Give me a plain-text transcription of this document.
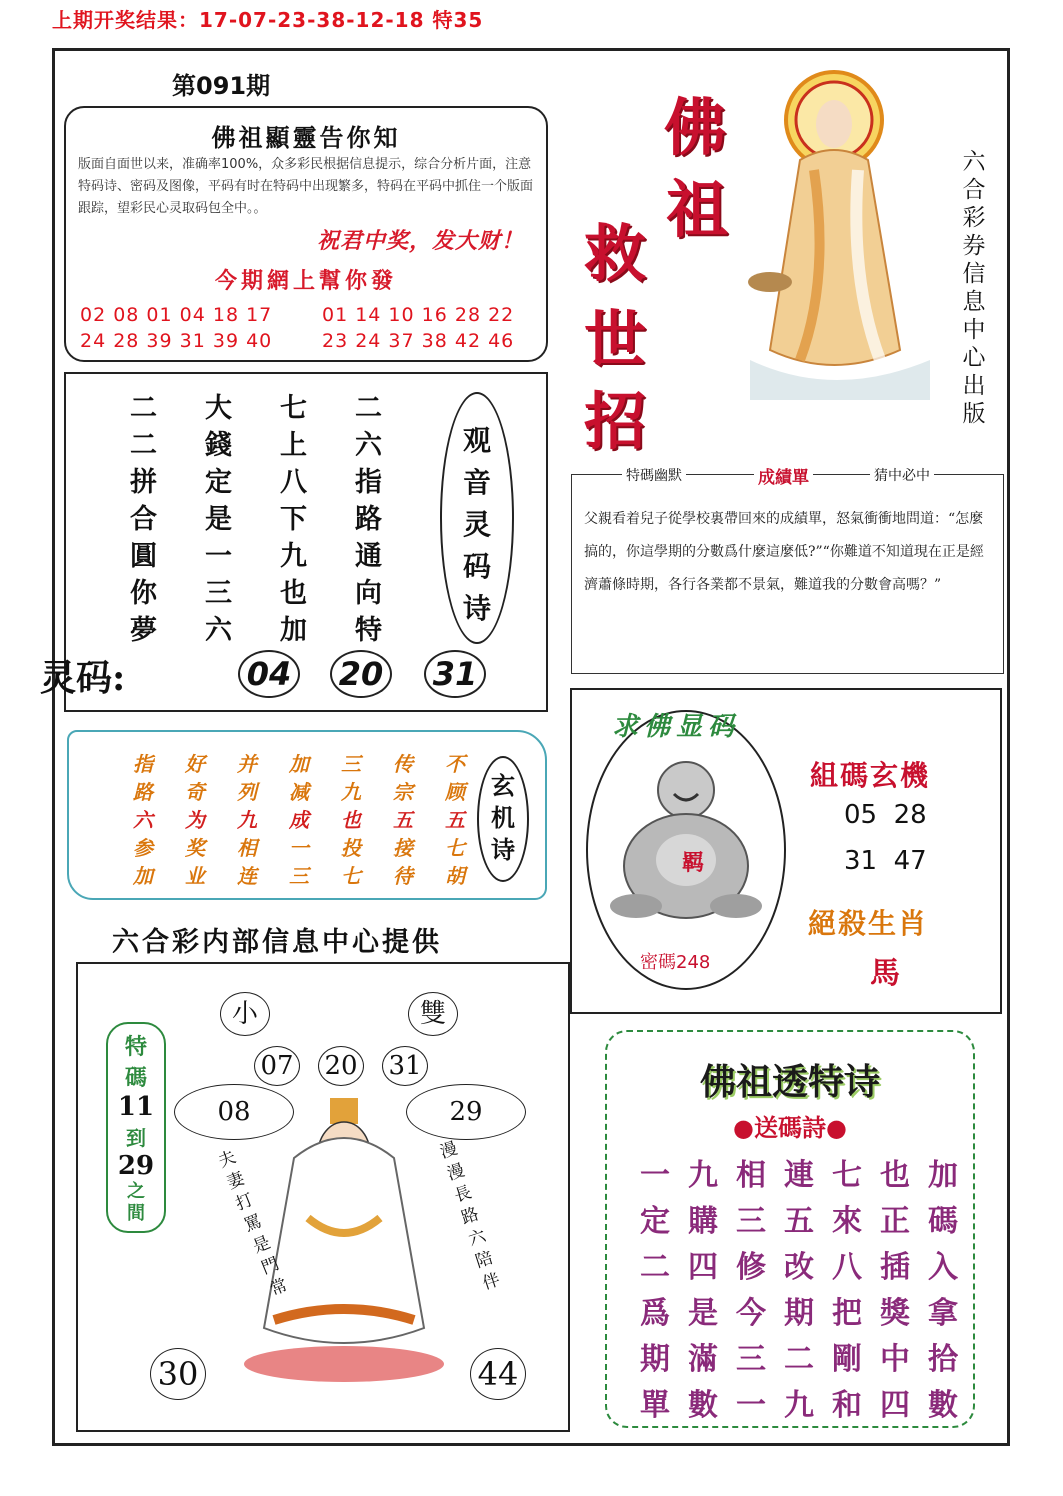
上期开奖结果：17-07-23-38-12-18 特35
第091期
佛祖顯靈告你知
版面自面世以来，准确率100%，众多彩民根据信息提示，综合分析片面，注意特码诗、密码及图像，平码有时在特码中出现繁多，特码在平码中抓住一个版面跟踪，望彩民心灵取码包全中。。
祝君中奖，发大财！
今期網上幫你發
02 08 01 04 18 17
24 28 39 31 39 40
01 14 10 16 28 22
23 24 37 38 42 46
佛
祖
救
世
招
六
合
彩
券
信
息
中
心
出
版
二	大	七	二
二	錢	上	六
拼	定	八	指
合	是	下	路
圓	一	九	通
你	三	也	向
夢	六	加	特
观
音
灵
码
诗
灵码:	04 20 31
特碼幽默	成績單	猜中必中
父親看着兒子從學校裏帶回來的成績單，怒氣衝衝地問道：“怎麼搞的，你這學期的分數爲什麼這麼低?”“你難道不知道現在正是經濟蕭條時期，各行各業都不景氣，難道我的分數會高嗎？”
指	好	并	加	三	传	不
路	奇	列	减	九	宗	顾
六	为	九	成	也	五	五
参	奖	相	一	投	接	七
加	业	连	三	七	待	胡
玄
机
诗
六合彩内部信息中心提供
求佛显码
羁
密碼248
組碼玄機
05  28
31  47
絕殺生肖
馬
小	雙
07 20 31
08	29
特
碼
11
到
29
之間
夫
妻
打
罵
是
門
常
漫
漫
長
路
六
陪
伴
30	44
佛祖透特诗
●送碼詩●
一 九 相 連 七 也 加
定 購 三 五 來 正 碼
二 四 修 改 八 插 入
爲 是 今 期 把 獎 拿
期 滿 三 二 剛 中 拾
單 數 一 九 和 四 數
